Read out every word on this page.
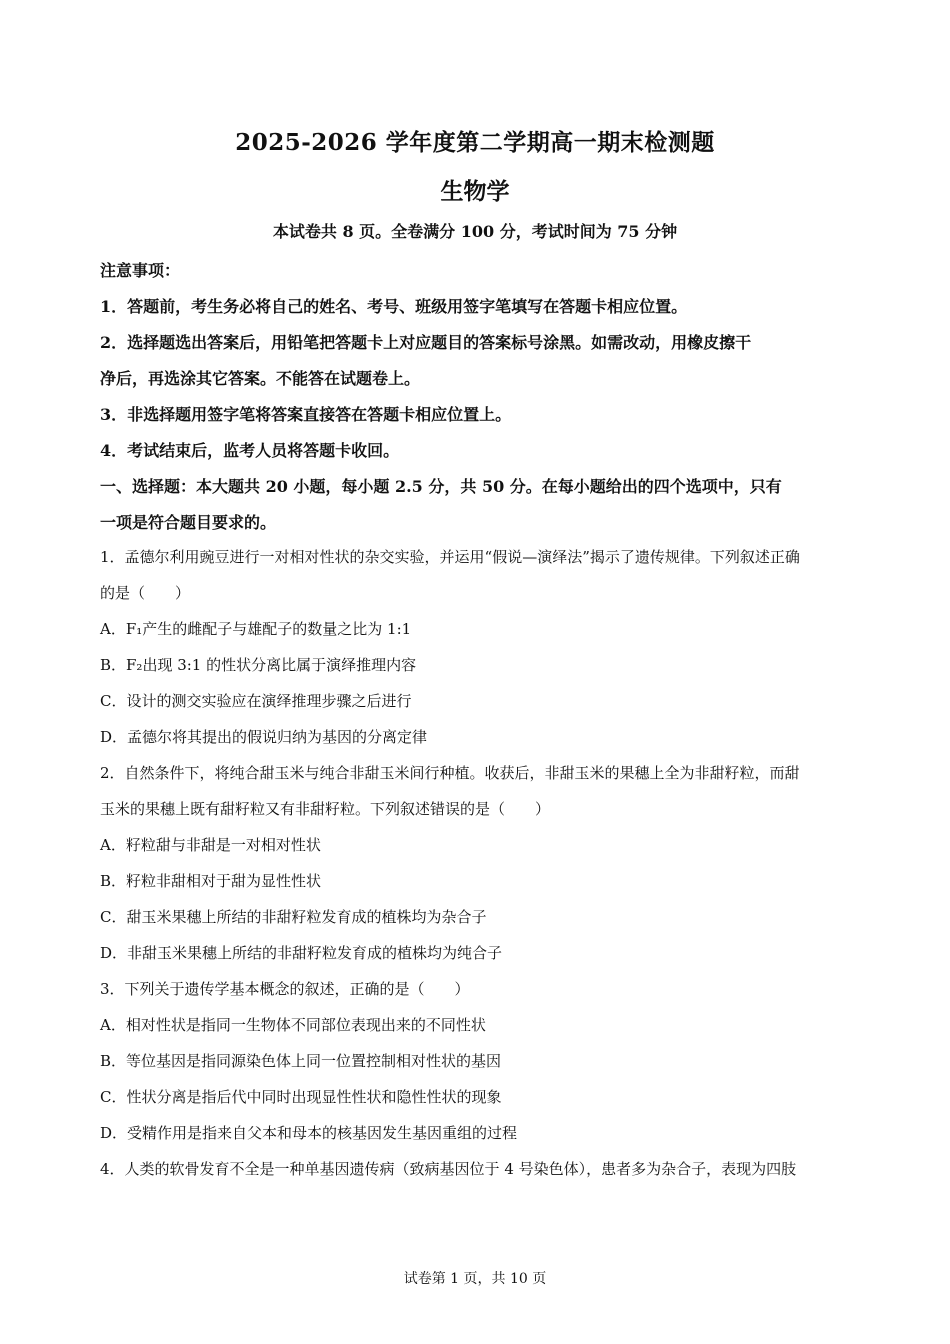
2025-2026 学年度第二学期高一期末检测题
生物学
本试卷共 8 页。全卷满分 100 分，考试时间为 75 分钟
注意事项：
1．答题前，考生务必将自己的姓名、考号、班级用签字笔填写在答题卡相应位置。
2．选择题选出答案后，用铅笔把答题卡上对应题目的答案标号涂黑。如需改动，用橡皮擦干
净后，再选涂其它答案。不能答在试题卷上。
3．非选择题用签字笔将答案直接答在答题卡相应位置上。
4．考试结束后，监考人员将答题卡收回。
一、选择题：本大题共 20 小题，每小题 2.5 分，共 50 分。在每小题给出的四个选项中，只有
一项是符合题目要求的。
1．孟德尔利用豌豆进行一对相对性状的杂交实验，并运用“假说—演绎法”揭示了遗传规律。下列叙述正确
的是（　　）
A．F₁产生的雌配子与雄配子的数量之比为 1:1
B．F₂出现 3:1 的性状分离比属于演绎推理内容
C．设计的测交实验应在演绎推理步骤之后进行
D．孟德尔将其提出的假说归纳为基因的分离定律
2．自然条件下，将纯合甜玉米与纯合非甜玉米间行种植。收获后，非甜玉米的果穗上全为非甜籽粒，而甜
玉米的果穗上既有甜籽粒又有非甜籽粒。下列叙述错误的是（　　）
A．籽粒甜与非甜是一对相对性状
B．籽粒非甜相对于甜为显性性状
C．甜玉米果穗上所结的非甜籽粒发育成的植株均为杂合子
D．非甜玉米果穗上所结的非甜籽粒发育成的植株均为纯合子
3．下列关于遗传学基本概念的叙述，正确的是（　　）
A．相对性状是指同一生物体不同部位表现出来的不同性状
B．等位基因是指同源染色体上同一位置控制相对性状的基因
C．性状分离是指后代中同时出现显性性状和隐性性状的现象
D．受精作用是指来自父本和母本的核基因发生基因重组的过程
4．人类的软骨发育不全是一种单基因遗传病（致病基因位于 4 号染色体），患者多为杂合子，表现为四肢
试卷第 1 页，共 10 页
